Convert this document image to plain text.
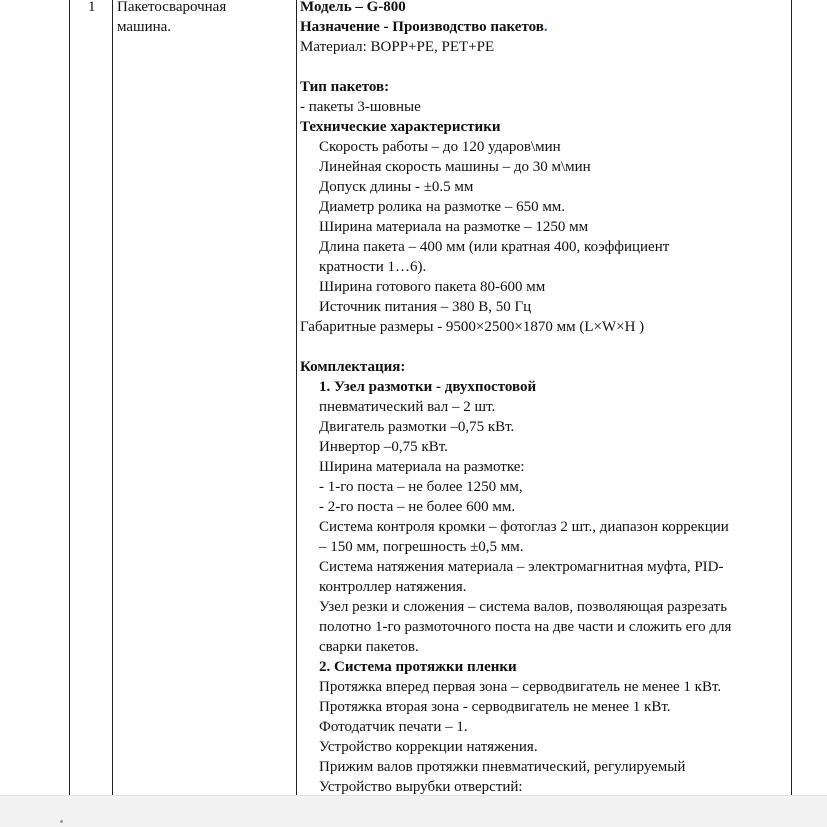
1 Пакетосварочная
машина.
Модель – G-800
Назначение - Производство пакетов.
Материал: BOPP+PE, PET+PE
Тип пакетов:
- пакеты 3-шовные
Технические характеристики
Скорость работы – до 120 ударов\мин
Линейная скорость машины – до 30 м\мин
Допуск длины - ±0.5 мм
Диаметр ролика на размотке – 650 мм.
Ширина материала на размотке – 1250 мм
Длина пакета – 400 мм (или кратная 400, коэффициент
кратности 1…6).
Ширина готового пакета 80-600 мм
Источник питания – 380 В, 50 Гц
Габаритные размеры - 9500×2500×1870 мм (L×W×H )
Комплектация:
1. Узел размотки - двухпостовой
пневматический вал – 2 шт.
Двигатель размотки –0,75 кВт.
Инвертор –0,75 кВт.
Ширина материала на размотке:
- 1-го поста – не более 1250 мм,
- 2-го поста – не более 600 мм.
Система контроля кромки – фотоглаз 2 шт., диапазон коррекции
– 150 мм, погрешность ±0,5 мм.
Система натяжения материала – электромагнитная муфта, PID-
контроллер натяжения.
Узел резки и сложения – система валов, позволяющая разрезать
полотно 1-го размоточного поста на две части и сложить его для
сварки пакетов.
2. Система протяжки пленки
Протяжка вперед первая зона – серводвигатель не менее 1 кВт.
Протяжка вторая зона - серводвигатель не менее 1 кВт.
Фотодатчик печати – 1.
Устройство коррекции натяжения.
Прижим валов протяжки пневматический, регулируемый
Устройство вырубки отверстий:
